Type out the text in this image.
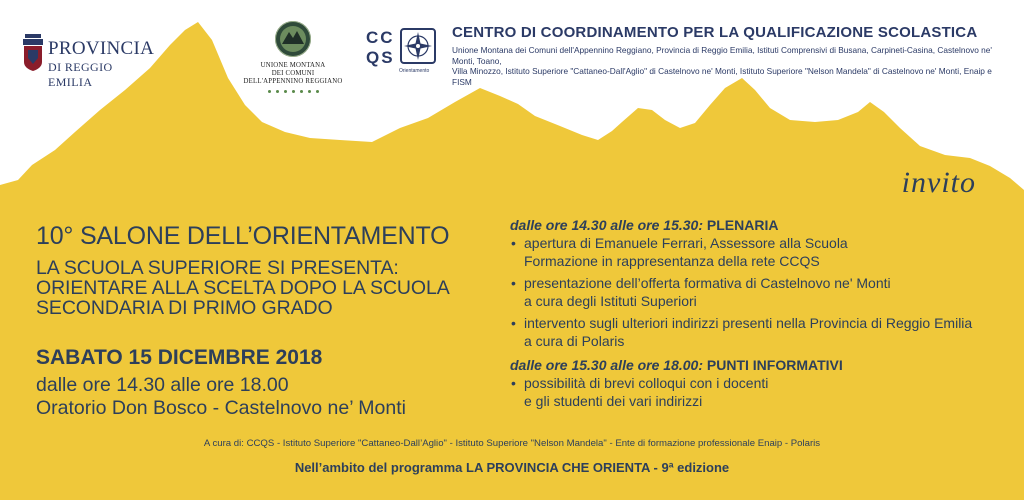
PROVINCIA
DI REGGIO EMILIA
UNIONE MONTANA
DEI COMUNI
DELL'APPENNINO REGGIANO
CC
QS
Orientamento
CENTRO DI COORDINAMENTO PER LA QUALIFICAZIONE SCOLASTICA
Unione Montana dei Comuni dell'Appennino Reggiano, Provincia di Reggio Emilia, Istituti Comprensivi di Busana, Carpineti-Casina, Castelnovo ne' Monti, Toano,
Villa Minozzo, Istituto Superiore "Cattaneo-Dall'Aglio" di Castelnovo ne' Monti, Istituto Superiore "Nelson Mandela" di Castelnovo ne' Monti, Enaip e FISM
invito
10° SALONE DELL’ORIENTAMENTO
LA SCUOLA SUPERIORE SI PRESENTA:
ORIENTARE ALLA SCELTA DOPO LA SCUOLA
SECONDARIA DI PRIMO GRADO
SABATO 15 DICEMBRE 2018
dalle ore 14.30 alle ore 18.00
Oratorio Don Bosco - Castelnovo ne’ Monti
dalle ore 14.30 alle ore 15.30: PLENARIA
• apertura di Emanuele Ferrari, Assessore alla Scuola
Formazione in rappresentanza della rete CCQS
• presentazione dell’offerta formativa di Castelnovo ne' Monti
a cura degli Istituti Superiori
• intervento sugli ulteriori indirizzi presenti nella Provincia di Reggio Emilia
a cura di Polaris
dalle ore 15.30 alle ore 18.00: PUNTI INFORMATIVI
• possibilità di brevi colloqui con i docenti
e gli studenti dei vari indirizzi
A cura di: CCQS - Istituto Superiore "Cattaneo-Dall’Aglio" - Istituto Superiore "Nelson Mandela" - Ente di formazione professionale Enaip - Polaris
Nell’ambito del programma LA PROVINCIA CHE ORIENTA - 9ª edizione
